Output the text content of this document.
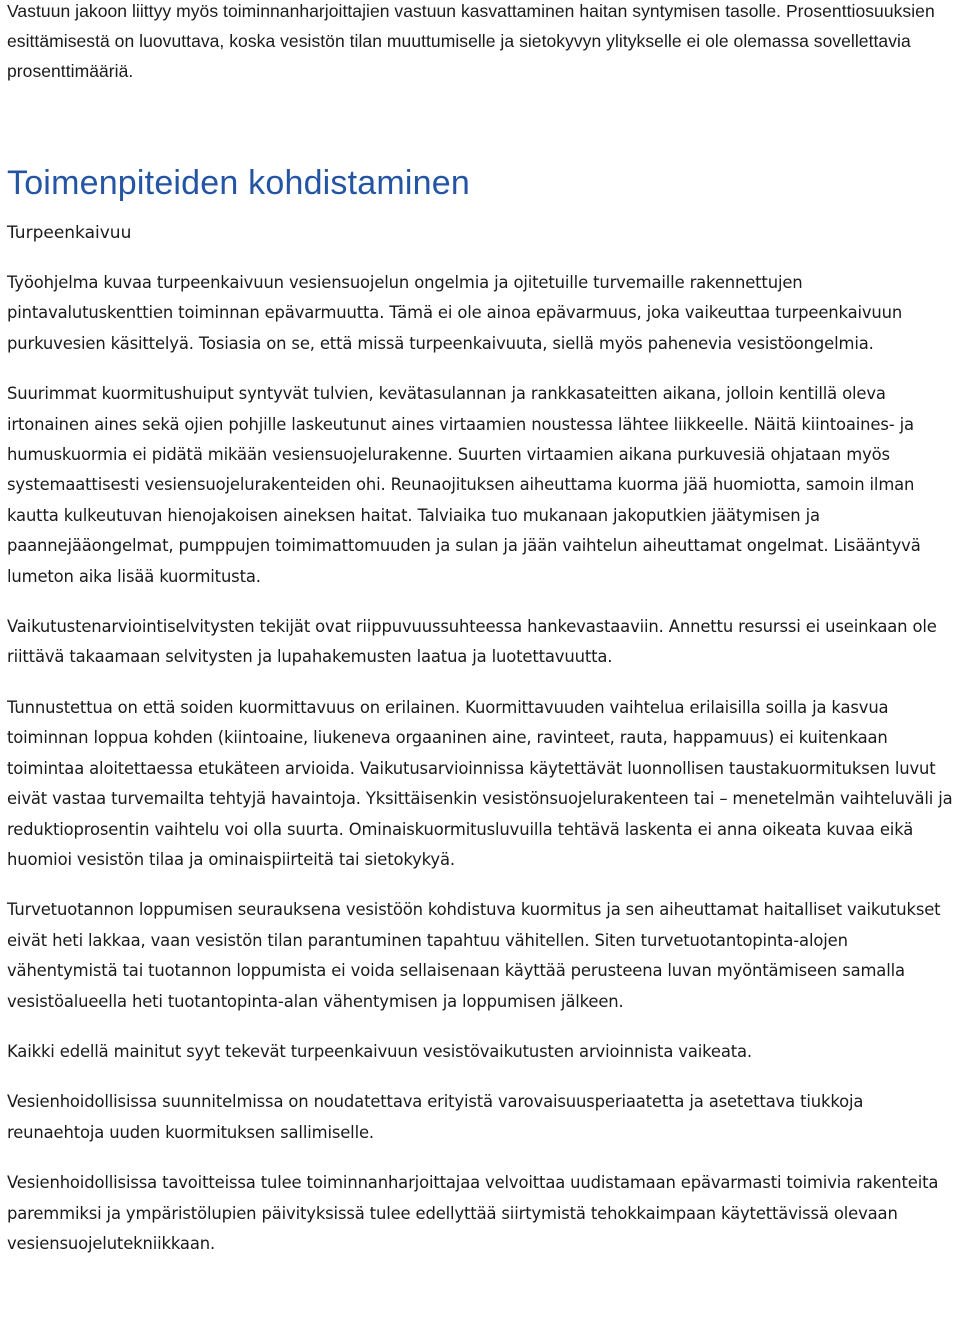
Vastuun jakoon liittyy myös toiminnanharjoittajien vastuun kasvattaminen haitan syntymisen tasolle. Prosenttiosuuksien esittämisestä on luovuttava, koska vesistön tilan muuttumiselle ja sietokyvyn ylitykselle ei ole olemassa sovellettavia prosenttimääriä.

Toimenpiteiden kohdistaminen
Turpeenkaivuu

Työohjelma kuvaa turpeenkaivuun vesiensuojelun ongelmia ja ojitetuille turvemaille rakennettujen pintavalutuskenttien toiminnan epävarmuutta. Tämä ei ole ainoa epävarmuus, joka vaikeuttaa turpeenkaivuun purkuvesien käsittelyä. Tosiasia on se, että missä turpeenkaivuuta, siellä myös pahenevia vesistöongelmia.

Suurimmat kuormitushuiput syntyvät tulvien, kevätasulannan ja rankkasateitten aikana, jolloin kentillä oleva irtonainen aines sekä ojien pohjille laskeutunut aines virtaamien noustessa lähtee liikkeelle. Näitä kiintoaines- ja humuskuormia ei pidätä mikään vesiensuojelurakenne. Suurten virtaamien aikana purkuvesiä ohjataan myös systemaattisesti vesiensuojelurakenteiden ohi. Reunaojituksen aiheuttama kuorma jää huomiotta, samoin ilman kautta kulkeutuvan hienojakoisen aineksen haitat. Talviaika tuo mukanaan jakoputkien jäätymisen ja paannejääongelmat, pumppujen toimimattomuuden ja sulan ja jään vaihtelun aiheuttamat ongelmat. Lisääntyvä lumeton aika lisää kuormitusta.

Vaikutustenarviointiselvitysten tekijät ovat riippuvuussuhteessa hankevastaaviin. Annettu resurssi ei useinkaan ole riittävä takaamaan selvitysten ja lupahakemusten laatua ja luotettavuutta.

Tunnustettua on että soiden kuormittavuus on erilainen. Kuormittavuuden vaihtelua erilaisilla soilla ja kasvua toiminnan loppua kohden (kiintoaine, liukeneva orgaaninen aine, ravinteet, rauta, happamuus) ei kuitenkaan toimintaa aloitettaessa etukäteen arvioida. Vaikutusarvioinnissa käytettävät luonnollisen taustakuormituksen luvut eivät vastaa turvemailta tehtyjä havaintoja. Yksittäisenkin vesistönsuojelurakenteen tai – menetelmän vaihteluväli ja reduktioprosentin vaihtelu voi olla suurta. Ominaiskuormitusluvuilla tehtävä laskenta ei anna oikeata kuvaa eikä huomioi vesistön tilaa ja ominaispiirteitä tai sietokykyä.

Turvetuotannon loppumisen seurauksena vesistöön kohdistuva kuormitus ja sen aiheuttamat haitalliset vaikutukset eivät heti lakkaa, vaan vesistön tilan parantuminen tapahtuu vähitellen. Siten turvetuotantopinta-alojen vähentymistä tai tuotannon loppumista ei voida sellaisenaan käyttää perusteena luvan myöntämiseen samalla vesistöalueella heti tuotantopinta-alan vähentymisen ja loppumisen jälkeen.

Kaikki edellä mainitut syyt tekevät turpeenkaivuun vesistövaikutusten arvioinnista vaikeata.

Vesienhoidollisissa suunnitelmissa on noudatettava erityistä varovaisuusperiaatetta ja asetettava tiukkoja reunaehtoja uuden kuormituksen sallimiselle.

Vesienhoidollisissa tavoitteissa tulee toiminnanharjoittajaa velvoittaa uudistamaan epävarmasti toimivia rakenteita paremmiksi ja ympäristölupien päivityksissä tulee edellyttää siirtymistä tehokkaimpaan käytettävissä olevaan vesiensuojelutekniikkaan.
